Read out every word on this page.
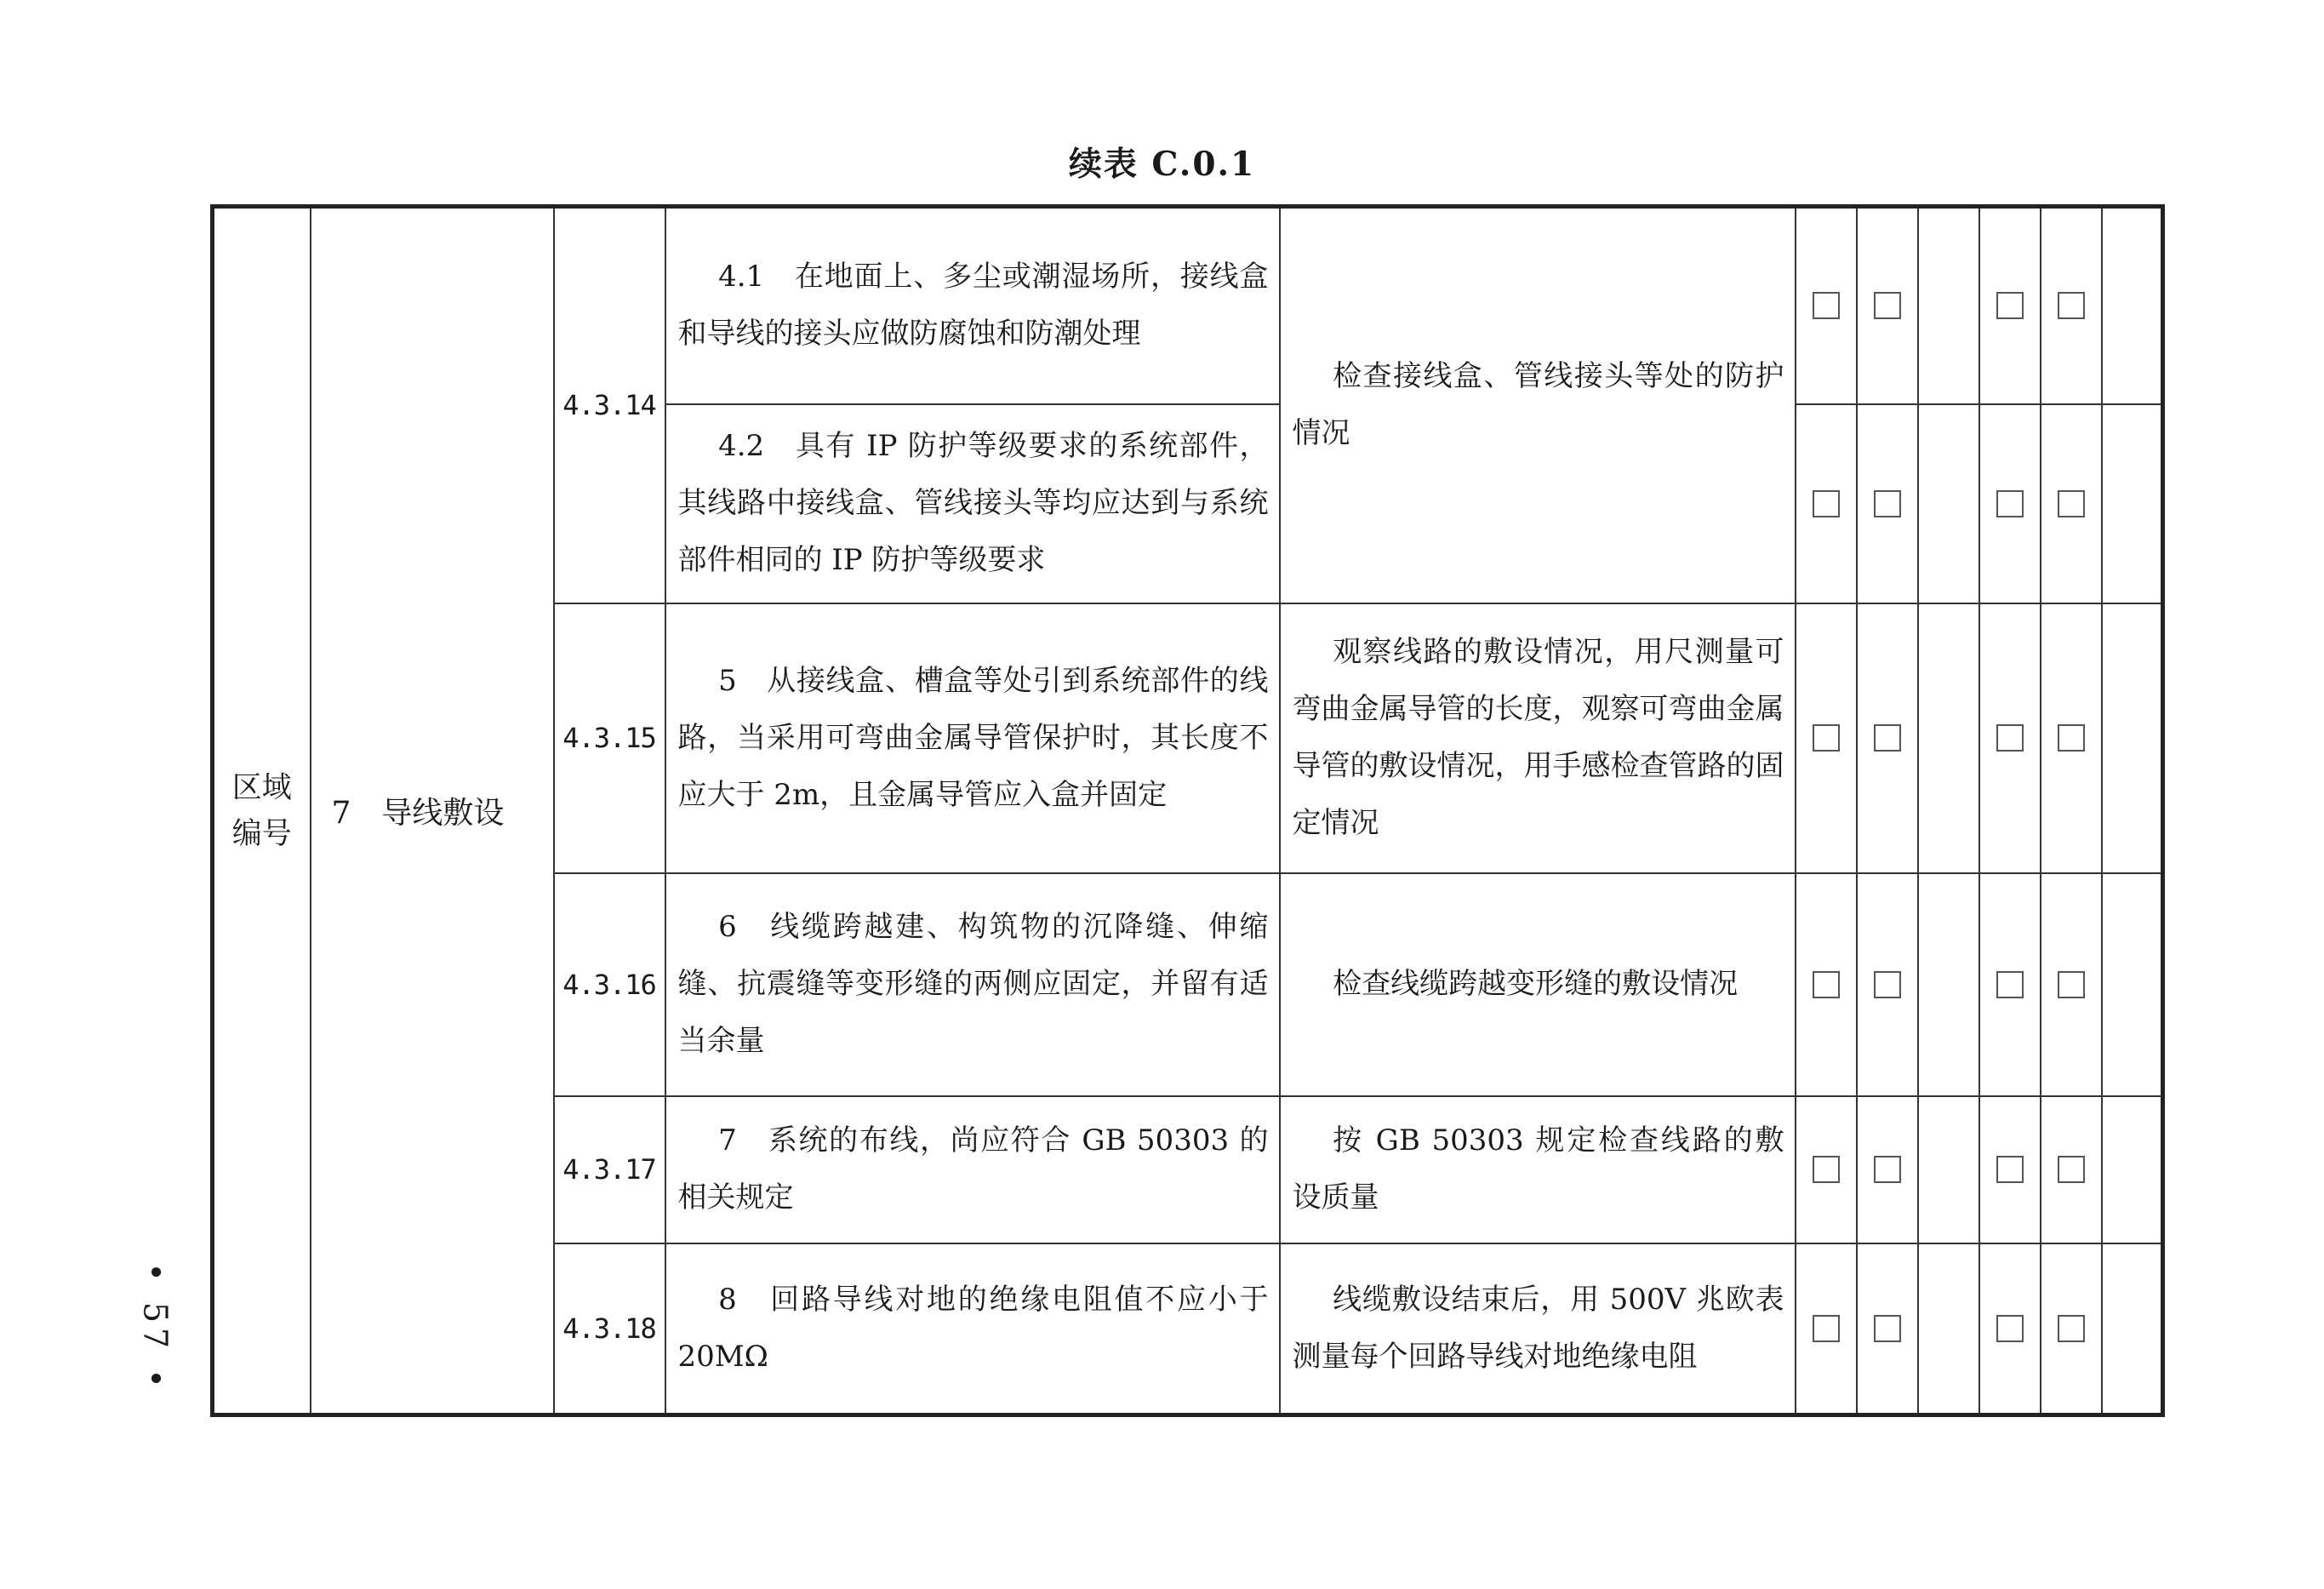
续表 C.0.1
• 57 •
区域
编号	7 导线敷设	4.3.14	4.1　在地面上、多尘或潮湿场所，接线盒和导线的接头应做防腐蚀和防潮处理	检查接线盒、管线接头等处的防护情况						

			4.2　具有 IP 防护等级要求的系统部件，其线路中接线盒、管线接头等均应达到与系统部件相同的 IP 防护等级要求							

		4.3.15	5　从接线盒、槽盒等处引到系统部件的线路，当采用可弯曲金属导管保护时，其长度不应大于 2m，且金属导管应入盒并固定	观察线路的敷设情况，用尺测量可弯曲金属导管的长度，观察可弯曲金属导管的敷设情况，用手感检查管路的固定情况						

		4.3.16	6　线缆跨越建、构筑物的沉降缝、伸缩缝、抗震缝等变形缝的两侧应固定，并留有适当余量	检查线缆跨越变形缝的敷设情况						

		4.3.17	7　系统的布线，尚应符合 GB 50303 的相关规定	按 GB 50303 规定检查线路的敷设质量						

		4.3.18	8　回路导线对地的绝缘电阻值不应小于 20MΩ	线缆敷设结束后，用 500V 兆欧表测量每个回路导线对地绝缘电阻						
